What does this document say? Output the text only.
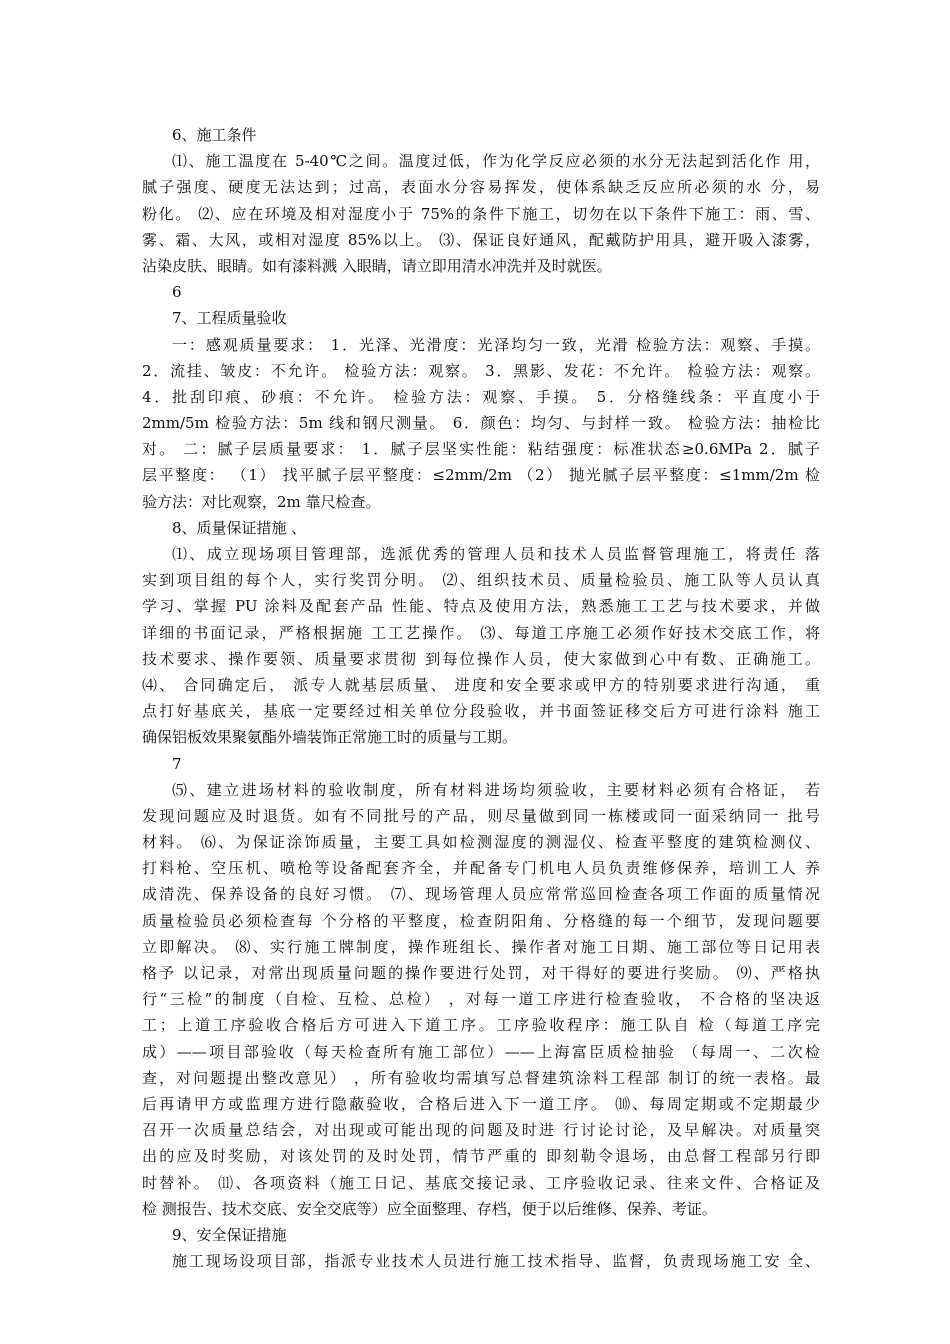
6、施工条件
⑴、施工温度在 5-40℃之间。温度过低，作为化学反应必须的水分无法起到活化作 用，
腻子强度、硬度无法达到；过高，表面水分容易挥发，使体系缺乏反应所必须的水 分，易
粉化。 ⑵、应在环境及相对湿度小于 75%的条件下施工，切勿在以下条件下施工：雨、雪、
雾、霜、大风，或相对湿度 85%以上。 ⑶、保证良好通风，配戴防护用具，避开吸入漆雾，
沾染皮肤、眼睛。如有漆料溅 入眼睛，请立即用清水冲洗并及时就医。
6
7、工程质量验收
一：感观质量要求： 1．光泽、光滑度：光泽均匀一致，光滑 检验方法：观察、手摸。
2．流挂、皱皮：不允许。 检验方法：观察。 3．黑影、发花：不允许。 检验方法：观察。
4．批刮印痕、砂痕：不允许。 检验方法：观察、手摸。 5．分格缝线条：平直度小于
2mm/5m 检验方法：5m 线和钢尺测量。 6．颜色：均匀、与封样一致。 检验方法：抽检比
对。 二：腻子层质量要求： 1．腻子层坚实性能：粘结强度：标准状态≥0.6MPa 2．腻子
层平整度： （1） 找平腻子层平整度：≤2mm/2m （2） 抛光腻子层平整度：≤1mm/2m 检
验方法：对比观察，2m 靠尺检查。
8、质量保证措施 、
⑴、成立现场项目管理部，选派优秀的管理人员和技术人员监督管理施工，将责任 落
实到项目组的每个人，实行奖罚分明。 ⑵、组织技术员、质量检验员、施工队等人员认真
学习、掌握 PU 涂料及配套产品 性能、特点及使用方法，熟悉施工工艺与技术要求，并做
详细的书面记录，严格根据施 工工艺操作。 ⑶、每道工序施工必须作好技术交底工作，将
技术要求、操作要领、质量要求贯彻 到每位操作人员，使大家做到心中有数、正确施工。
⑷、 合同确定后， 派专人就基层质量、 进度和安全要求或甲方的特别要求进行沟通， 重
点打好基底关，基底一定要经过相关单位分段验收，并书面签证移交后方可进行涂料 施工
确保铝板效果聚氨酯外墙装饰正常施工时的质量与工期。
7
⑸、建立进场材料的验收制度，所有材料进场均须验收，主要材料必须有合格证， 若
发现问题应及时退货。如有不同批号的产品，则尽量做到同一栋楼或同一面采纳同一 批号
材料。 ⑹、为保证涂饰质量，主要工具如检测湿度的测湿仪、检查平整度的建筑检测仪、
打料枪、空压机、喷枪等设备配套齐全，并配备专门机电人员负责维修保养，培训工人 养
成清洗、保养设备的良好习惯。 ⑺、现场管理人员应常常巡回检查各项工作面的质量情况
质量检验员必须检查每 个分格的平整度，检查阴阳角、分格缝的每一个细节，发现问题要
立即解决。 ⑻、实行施工牌制度，操作班组长、操作者对施工日期、施工部位等日记用表
格予 以记录，对常出现质量问题的操作要进行处罚，对干得好的要进行奖励。 ⑼、严格执
行“三检”的制度（自检、互检、总检） ，对每一道工序进行检查验收， 不合格的坚决返
工；上道工序验收合格后方可进入下道工序。工序验收程序：施工队自 检（每道工序完
成）——项目部验收（每天检查所有施工部位）——上海富臣质检抽验 （每周一、二次检
查，对问题提出整改意见） ，所有验收均需填写总督建筑涂料工程部 制订的统一表格。最
后再请甲方或监理方进行隐蔽验收，合格后进入下一道工序。 ⑽、每周定期或不定期最少
召开一次质量总结会，对出现或可能出现的问题及时进 行讨论讨论，及早解决。对质量突
出的应及时奖励，对该处罚的及时处罚，情节严重的 即刻勒令退场，由总督工程部另行即
时替补。 ⑾、各项资料（施工日记、基底交接记录、工序验收记录、往来文件、合格证及
检 测报告、技术交底、安全交底等）应全面整理、存档，便于以后维修、保养、考证。
9、安全保证措施
施工现场设项目部，指派专业技术人员进行施工技术指导、监督，负责现场施工安 全、
